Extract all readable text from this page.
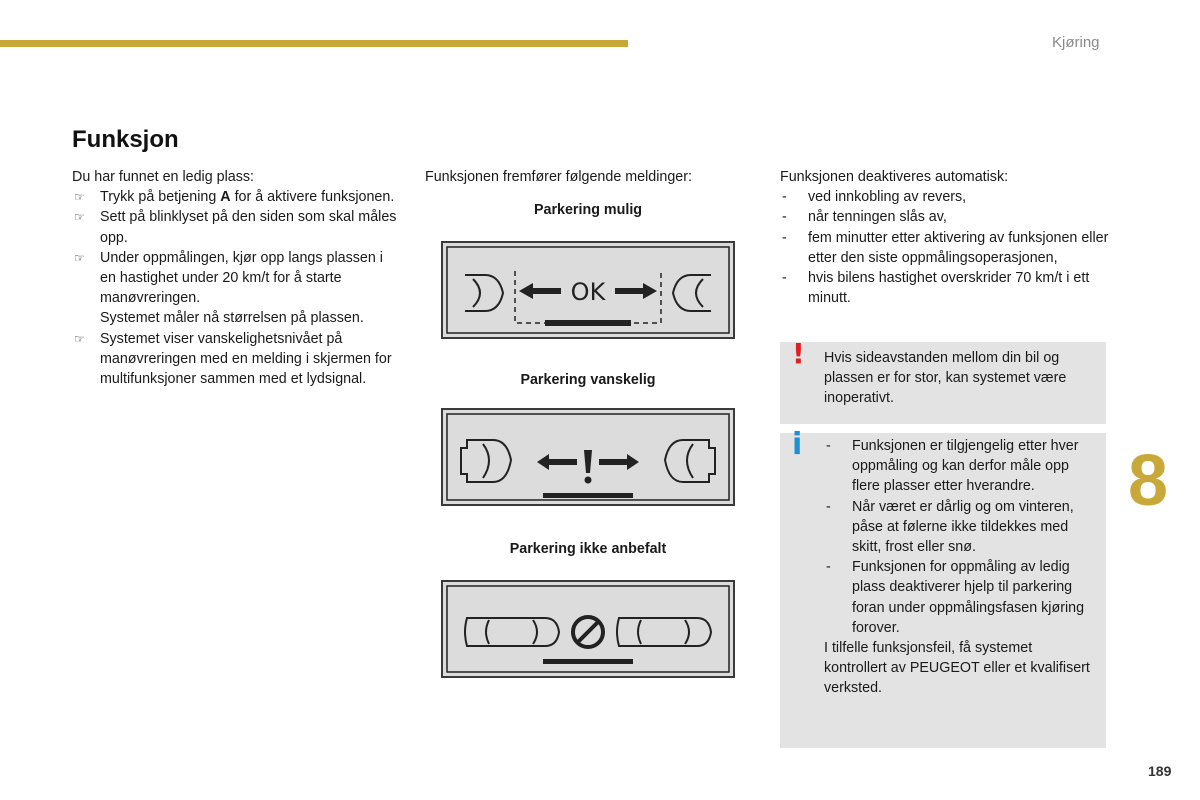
Kjøring
Funksjon

Du har funnet en ledig plass:

☞ Trykk på betjening A for å aktivere funksjonen.

☞ Sett på blinklyset på den siden som skal måles opp.

☞ Under oppmålingen, kjør opp langs plassen i en hastighet under 20 km/t for å starte manøvreringen.

Systemet måler nå størrelsen på plassen.

☞ Systemet viser vanskelighetsnivået på manøvreringen med en melding i skjermen for multifunksjoner sammen med et lydsignal.

Funksjonen fremfører følgende meldinger:

Parkering mulig
OK
Parkering vanskelig
Parkering ikke anbefalt

Funksjonen deaktiveres automatisk:

- ved innkobling av revers,

- når tenningen slås av,

- fem minutter etter aktivering av funksjonen eller etter den siste oppmålingsoperasjonen,

- hvis bilens hastighet overskrider 70 km/t i ett minutt.

! Hvis sideavstanden mellom din bil og plassen er for stor, kan systemet være inoperativt.

i - Funksjonen er tilgjengelig etter hver oppmåling og kan derfor måle opp flere plasser etter hverandre.

- Når været er dårlig og om vinteren, påse at følerne ikke tildekkes med skitt, frost eller snø.

- Funksjonen for oppmåling av ledig plass deaktiverer hjelp til parkering foran under oppmålingsfasen kjøring forover.

I tilfelle funksjonsfeil, få systemet kontrollert av PEUGEOT eller et kvalifisert verksted.

8
189
